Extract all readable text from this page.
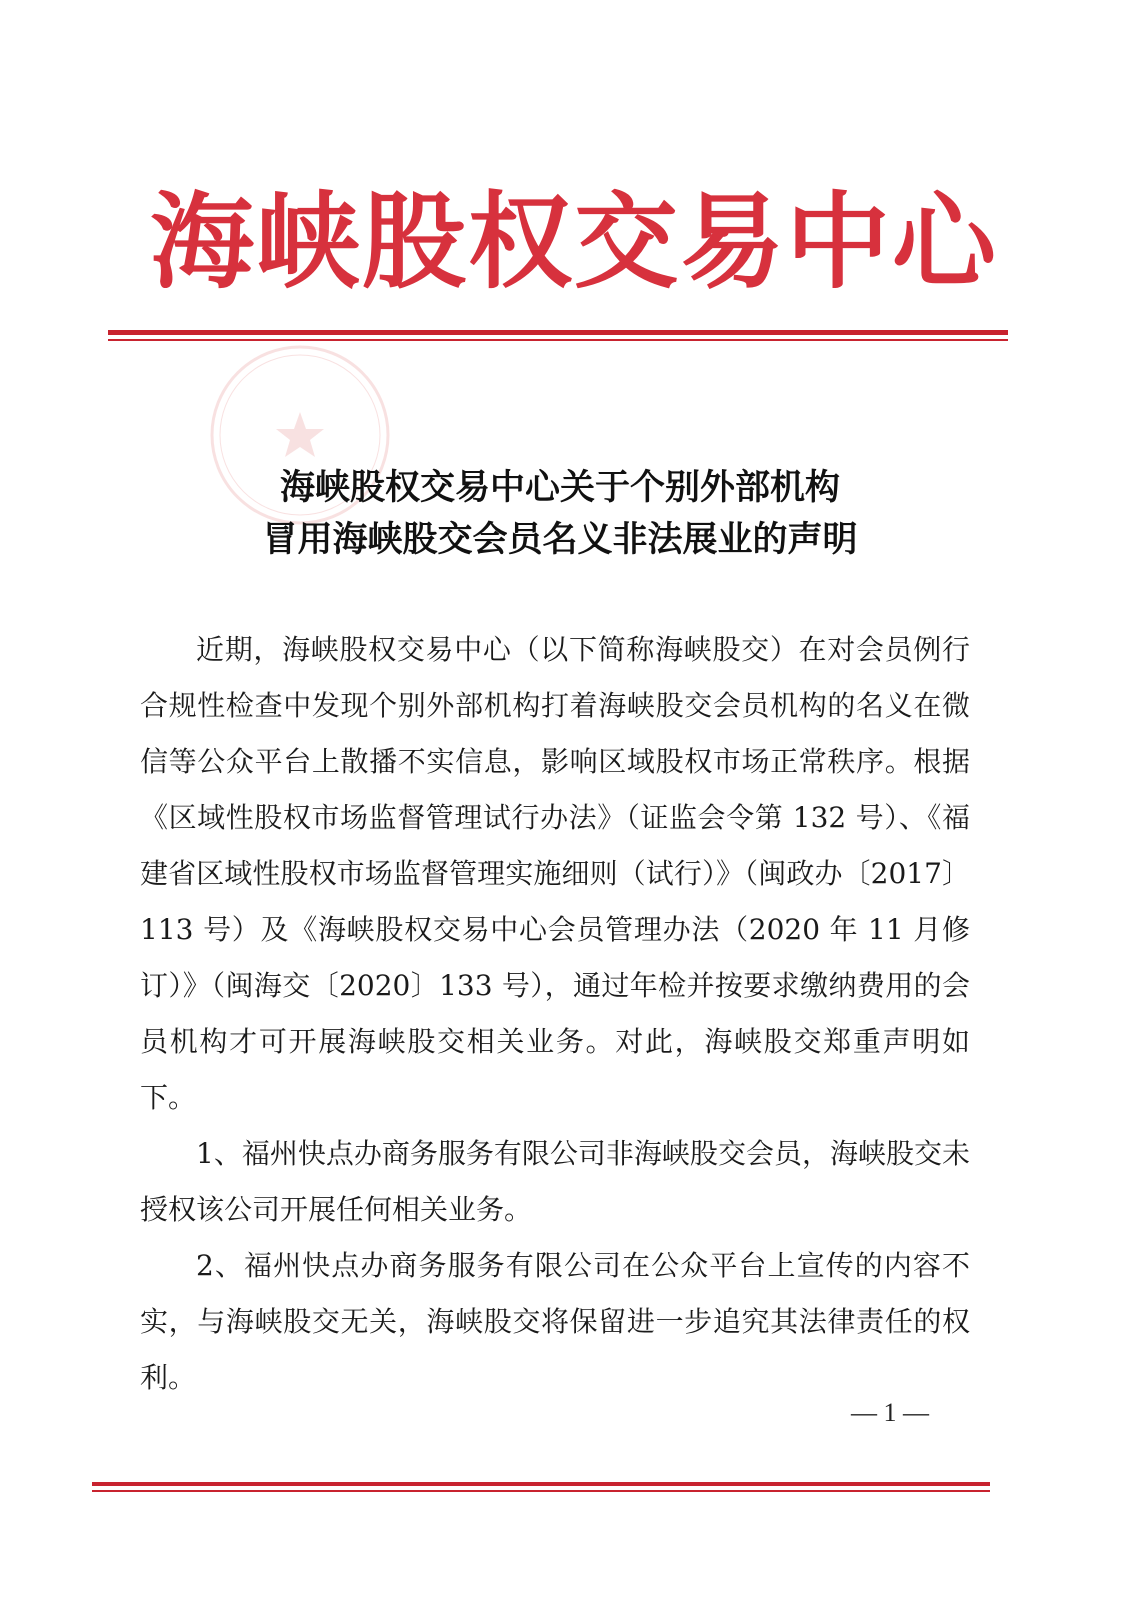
海峡股权交易中心
海峡股权交易中心关于个别外部机构
冒用海峡股交会员名义非法展业的声明

近期，海峡股权交易中心（以下简称海峡股交）在对会员例行合规性检查中发现个别外部机构打着海峡股交会员机构的名义在微信等公众平台上散播不实信息，影响区域股权市场正常秩序。根据《区域性股权市场监督管理试行办法》（证监会令第 132 号）、《福建省区域性股权市场监督管理实施细则（试行）》（闽政办〔2017〕113 号）及《海峡股权交易中心会员管理办法（2020 年 11 月修订）》（闽海交〔2020〕133 号），通过年检并按要求缴纳费用的会员机构才可开展海峡股交相关业务。对此，海峡股交郑重声明如下。

1、福州快点办商务服务有限公司非海峡股交会员，海峡股交未授权该公司开展任何相关业务。

2、福州快点办商务服务有限公司在公众平台上宣传的内容不实，与海峡股交无关，海峡股交将保留进一步追究其法律责任的权利。

— 1 —
